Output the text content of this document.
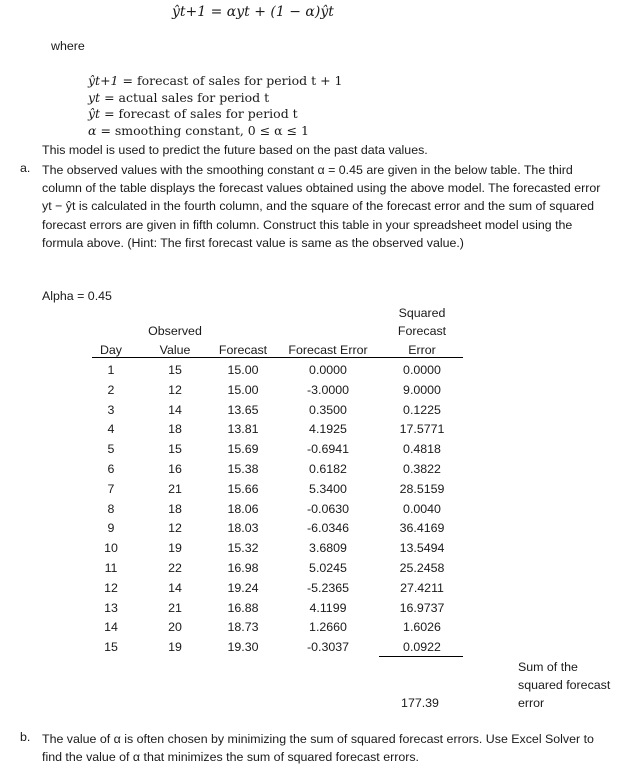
ŷt+1 = αyt + (1 − α)ŷt
where
ŷt+1 = forecast of sales for period t + 1
yt = actual sales for period t
ŷt = forecast of sales for period t
α = smoothing constant, 0 ≤ α ≤ 1
This model is used to predict the future based on the past data values.
a. The observed values with the smoothing constant α = 0.45 are given in the below table. The third column of the table displays the forecast values obtained using the above model. The forecasted error yt − ŷt is calculated in the fourth column, and the square of the forecast error and the sum of squared forecast errors are given in fifth column. Construct this table in your spreadsheet model using the formula above. (Hint: The first forecast value is same as the observed value.)
Alpha = 0.45
Day
Observed
Value	Forecast	Forecast Error
Squared
Forecast
Error
1	15	15.00	0.0000	0.0000
2	12	15.00	-3.0000	9.0000
3	14	13.65	0.3500	0.1225
4	18	13.81	4.1925	17.5771
5	15	15.69	-0.6941	0.4818
6	16	15.38	0.6182	0.3822
7	21	15.66	5.3400	28.5159
8	18	18.06	-0.0630	0.0040
9	12	18.03	-6.0346	36.4169
10	19	15.32	3.6809	13.5494
11	22	16.98	5.0245	25.2458
12	14	19.24	-5.2365	27.4211
13	21	16.88	4.1199	16.9737
14	20	18.73	1.2660	1.6026
15	19	19.30	-0.3037	0.0922
177.39
Sum of the squared forecast error
b. The value of α is often chosen by minimizing the sum of squared forecast errors. Use Excel Solver to find the value of α that minimizes the sum of squared forecast errors.
